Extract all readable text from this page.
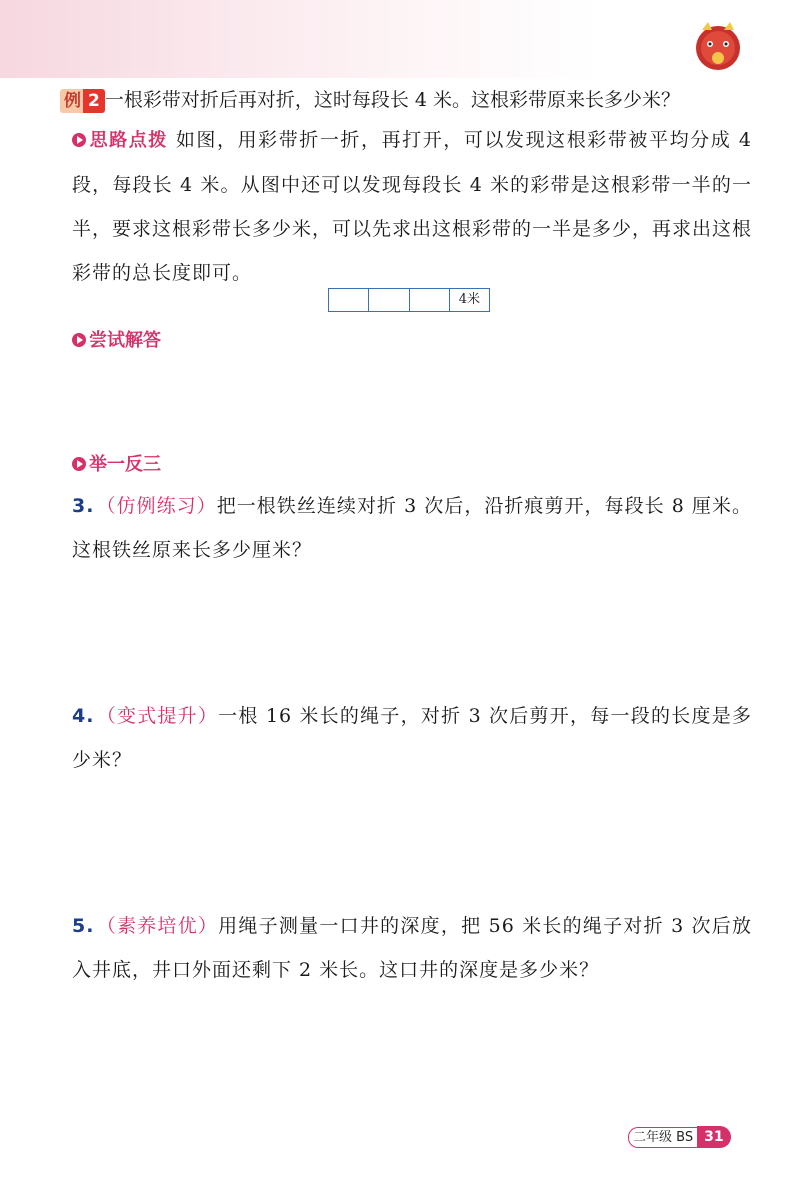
例 2 一根彩带对折后再对折，这时每段长 4 米。这根彩带原来长多少米？
思路点拨 如图，用彩带折一折，再打开，可以发现这根彩带被平均分成 4 段，每段长 4 米。从图中还可以发现每段长 4 米的彩带是这根彩带一半的一半，要求这根彩带长多少米，可以先求出这根彩带的一半是多少，再求出这根彩带的总长度即可。
4米
尝试解答
举一反三
3. （仿例练习）把一根铁丝连续对折 3 次后，沿折痕剪开，每段长 8 厘米。这根铁丝原来长多少厘米？
4. （变式提升）一根 16 米长的绳子，对折 3 次后剪开，每一段的长度是多少米？
5. （素养培优）用绳子测量一口井的深度，把 56 米长的绳子对折 3 次后放入井底，井口外面还剩下 2 米长。这口井的深度是多少米？
二年级 BS 31
